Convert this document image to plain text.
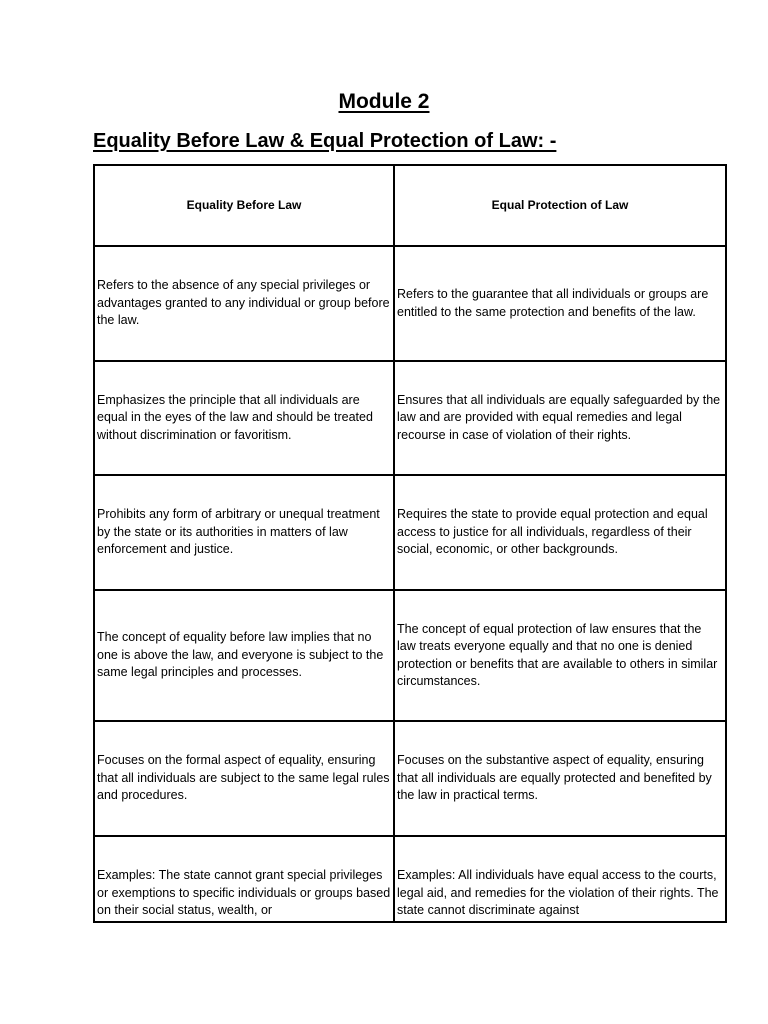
Module 2
Equality Before Law & Equal Protection of Law: -
Equality Before Law	Equal Protection of Law
Refers to the absence of any special privileges or advantages granted to any individual or group before the law.	Refers to the guarantee that all individuals or groups are entitled to the same protection and benefits of the law.
Emphasizes the principle that all individuals are equal in the eyes of the law and should be treated without discrimination or favoritism.	Ensures that all individuals are equally safeguarded by the law and are provided with equal remedies and legal recourse in case of violation of their rights.
Prohibits any form of arbitrary or unequal treatment by the state or its authorities in matters of law enforcement and justice.	Requires the state to provide equal protection and equal access to justice for all individuals, regardless of their social, economic, or other backgrounds.
The concept of equality before law implies that no one is above the law, and everyone is subject to the same legal principles and processes.	The concept of equal protection of law ensures that the law treats everyone equally and that no one is denied protection or benefits that are available to others in similar circumstances.
Focuses on the formal aspect of equality, ensuring that all individuals are subject to the same legal rules and procedures.	Focuses on the substantive aspect of equality, ensuring that all individuals are equally protected and benefited by the law in practical terms.
Examples: The state cannot grant special privileges or exemptions to specific individuals or groups based on their social status, wealth, or	Examples: All individuals have equal access to the courts, legal aid, and remedies for the violation of their rights. The state cannot discriminate against
